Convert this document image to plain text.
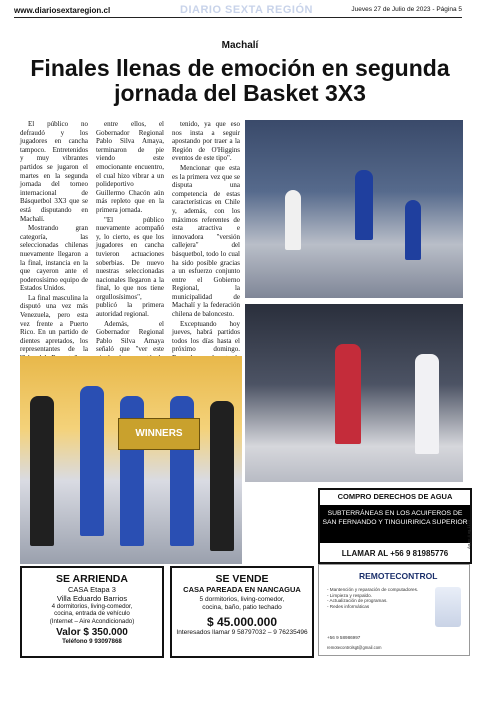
www.diariosextaregion.cl	DIARIO SEXTA REGIÓN	Jueves 27 de Julio de 2023 - Página 5
Machalí
Finales llenas de emoción en segunda jornada del Basket 3X3

El público no defraudó y los jugadores en cancha tampoco. Entretenidos y muy vibrantes partidos se jugaron el martes en la segunda jornada del torneo internacional de Básquetbol 3X3 que se está disputando en Machalí.

Mostrando gran categoría, las seleccionadas chilenas nuevamente llegaron a la final, instancia en la que cayeron ante el poderosísimo equipo de Estados Unidos.

La final masculina la disputó una vez más Venezuela, pero esta vez frente a Puerto Rico. En un partido de dientes apretados, los representantes de la

entre ellos, el Gobernador Regional Pablo Silva Amaya, terminaron de pie viendo este emocionante encuentro, el cual hizo vibrar a un polideportivo Guillermo Chacón aún más repleto que en la primera jornada.

"El público nuevamente acompañó y, lo cierto, es que los jugadores en cancha tuvieron actuaciones soberbias. De nuevo nuestras seleccionadas nacionales llegaron a la final, lo que nos tiene orgullosísimos", publicó la primera autoridad regional.

Además, el Gobernador Regional Pablo Silva Amaya señaló que "ver este

tenido, ya que eso nos insta a seguir apostando por traer a la Región de O'Higgins eventos de este tipo".

Mencionar que esta es la primera vez que se disputa una competencia de estas características en Chile y, además, con los máximos referentes de esta atractiva e innovadora "versión callejera" del básquetbol, todo lo cual ha sido posible gracias a un esfuerzo conjunto entre el Gobierno Regional, la municipalidad de Machalí y la federación chilena de baloncesto.

Exceptuando hoy jueves, habrá partidos todos los días hasta el próximo domingo.

WINNERS
COMPRO DERECHOS DE AGUA
SUBTERRÁNEAS EN LOS ACUIFEROS DE SAN FERNANDO Y TINGUIRIRICA SUPERIOR
LLAMAR AL +56 9 81985776
Ag.pc 4 ag.1123
SE ARRIENDA
CASA Etapa 3
Villa Eduardo Barrios
4 dormitorios, living-comedor,
cocina, entrada de vehículo
(Internet – Aire Acondicionado)
Valor $ 350.000
Teléfono 9 93097868
SE VENDE
CASA PAREADA EN NANCAGUA
5 dormitorios, living-comedor,
cocina, baño, patio techado
$ 45.000.000
Interesados llamar 9 58797032 – 9 76235496
REMOTECONTROL
- Mantención y reparación de computadores.
- Limpieza y respaldo.
- Actualización de programas.
- Redes informáticas
+56 9 58986997
remotecontrolsgt@gmail.com
